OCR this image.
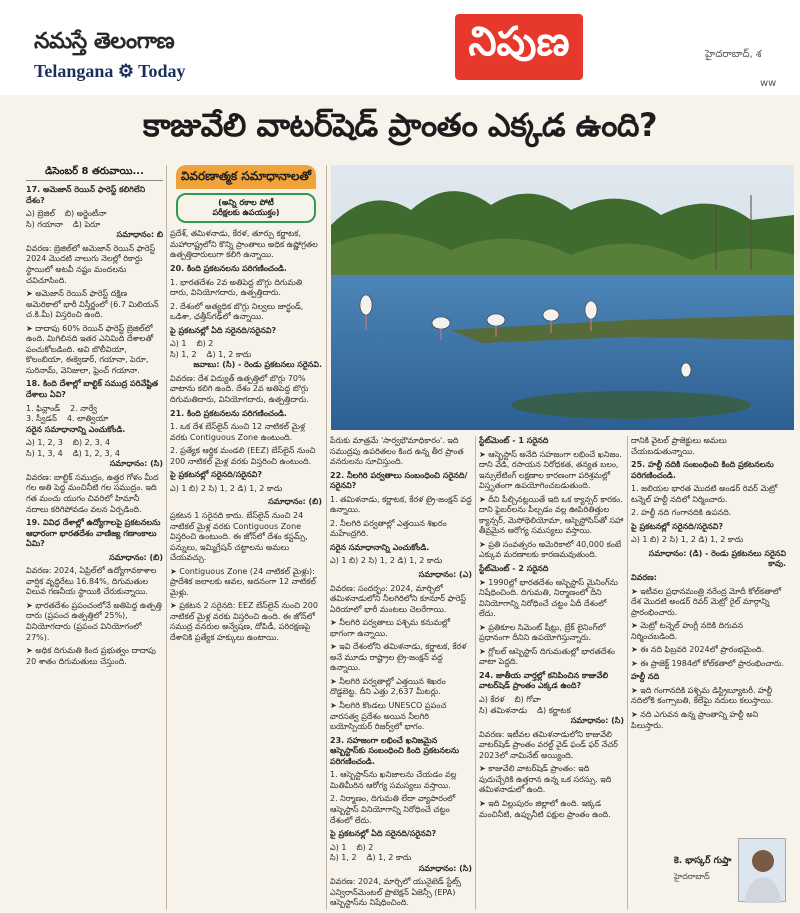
నమస్తే తెలంగాణ
Telangana ⚙ Today
నిపుణ	హైదరాబాద్, శ
ww
కాజువేలి వాటర్‌షెడ్ ప్రాంతం ఎక్కడ ఉంది?
డిసెంబర్ 8 తరువాయి...

17. అమెజాన్ రెయిన్ ఫారెస్ట్ కలిగిలేని దేశం?

ఎ) బ్రెజిల్ బి) అర్జెంటీనా
సి) గయానా డి) పెరూ

సమాధానం: బి

వివరణ: బ్రెజిల్‌లో అమెజాన్ రెయిన్ ఫారెస్ట్ 2024 మొదటి నాలుగు నెలల్లో రికార్డు స్థాయిలో అటవీ నష్టం మందలను చవిచూసింది.

➤ అమెజాన్ రెయిన్ ఫారెస్ట్ దక్షిణ అమెరికాలో భారీ విస్తీర్ణంలో (6.7 మిలియన్ చ.కి.మీ) విస్తరించి ఉంది.

➤ దాదాపు 60% రెయిన్ ఫారెస్ట్ బ్రెజిల్‌లో ఉంది. మిగిలినది ఇతర ఎనిమిది దేశాలతో పంచుకోబడింది. అవి బొలీవియా, కొలంబియా, ఈక్వెడార్, గయానా, పెరూ, సురినామ్, వెనిజులా, ఫ్రెంచ్ గయానా.

18. కింది దేశాల్లో బాల్టిక్ సముద్ర పరివేష్టిత దేశాలు ఏవి?

1. ఫిన్లాండ్ 2. నార్వే
3. స్వీడన్ 4. లాత్వియా

సరైన సమాధానాన్ని ఎంచుకోండి.

ఎ) 1, 2, 3 బి) 2, 3, 4
సి) 1, 3, 4 డి) 1, 2, 3, 4

సమాధానం: (సి)

వివరణ: బాల్టిక్ సముద్రం, ఉత్తర గోళం మీద గల అతి పెద్ద మంచినీటి గల సముద్రం. ఇది గత మంచు యుగం చివరిలో హిమానీ నదాలు కరిగిపోవడం వలన ఏర్పడింది.

19. వివిధ దేశాల్లో ఉద్యోగాలపై ప్రకటనలను ఆధారంగా భారతదేశం వాణిజ్య గణాంకాలు ఏమి?

సమాధానం: (బి)

వివరణ: 2024, ఏప్రిల్‌లో ఉద్యోగావకాశాల వార్షిక వృద్ధిరేటు 16.84%, దిగుమతుల విలువ గణనీయ స్థాయికి చేరుకున్నాయి.

➤ భారతదేశం ప్రపంచంలోనే అతిపెద్ద ఉత్పత్తి దారు (ప్రపంచ ఉత్పత్తిలో 25%), వినియోగదారు (ప్రపంచ వినియోగంలో 27%).

➤ అధిక దిగుమతి కింద ప్రభుత్వం దాదాపు 20 శాతం దిగుమతులు చేస్తుంది.

వివరణాత్మక సమాధానాలతో
(అన్ని రకాల పోటీ
పరీక్షలకు ఉపయుక్తం)

ప్రదేశ్, తమిళనాడు, కేరళ, తూర్పు కర్ణాటక, మహారాష్ట్రలోని కొన్ని ప్రాంతాలు అధిక ఉష్ణోగ్రతల ఉత్పత్తిదారులుగా కలిగి ఉన్నాయి.

20. కింది ప్రకటనలను పరిగణించండి.

1. భారతదేశం 2వ అతిపెద్ద బొగ్గు దిగుమతి దారు, వినియోగదారు, ఉత్పత్తిదారు.

2. దేశంలో అత్యధిక బొగ్గు నిల్వలు జార్ఖండ్, ఒడిశా, ఛత్తీస్‌గఢ్‌లో ఉన్నాయి.

పై ప్రకటనల్లో ఏది సరైనది/సరైనవి?

ఎ) 1 బి) 2
సి) 1, 2 డి) 1, 2 కాదు

జవాబు: (సి) - రెండు ప్రకటనలు సరైనవి.

వివరణ: దేశ విద్యుత్ ఉత్పత్తిలో బొగ్గు 70% వాటాను కలిగి ఉంది. దేశం 2వ అతిపెద్ద బొగ్గు దిగుమతిదారు, వినియోగదారు, ఉత్పత్తిదారు.

21. కింది ప్రకటనలను పరిగణించండి.

1. ఒక దేశ బేస్‌లైన్ నుంచి 12 నాటికల్ మైళ్ల వరకు Contiguous Zone ఉంటుంది.

2. ప్రత్యేక ఆర్థిక మండలి (EEZ) బేస్‌లైన్ నుంచి 200 నాటికల్ మైళ్ల వరకు విస్తరించి ఉంటుంది.

పై ప్రకటనల్లో సరైనది/సరైనవి?

ఎ) 1 బి) 2 సి) 1, 2 డి) 1, 2 కాదు

సమాధానం: (బి)

ప్రకటన 1 సరైనది కాదు. బేస్‌లైన్ నుంచి 24 నాటికల్ మైళ్ల వరకు Contiguous Zone విస్తరించి ఉంటుంది. ఈ జోన్‌లో దేశం కస్టమ్స్, పన్నులు, ఇమ్మిగ్రేషన్ చట్టాలను అమలు చేయవచ్చు.

➤ Contiguous Zone (24 నాటికల్ మైళ్లు): ప్రాదేశిక జలాలకు ఆవల, అదనంగా 12 నాటికల్ మైళ్లు.

➤ ప్రకటన 2 సరైనది: EEZ బేస్‌లైన్ నుంచి 200 నాటికల్ మైళ్ల వరకు విస్తరించి ఉంది. ఈ జోన్‌లో సముద్ర వనరుల అన్వేషణ, దోపిడీ, పరిరక్షణపై దేశానికి ప్రత్యేక హక్కులు ఉంటాయి.

పేరుకు మాత్రమే 'సార్వభౌమాధికారం'. ఇది సముద్రపు ఉపరితలం కింద ఉన్న తీర ప్రాంత వనరులను సూచిస్తుంది.

22. నీలగిరి పర్వతాలు సంబంధించి సరైనది/సరైనవి?

1. తమిళనాడు, కర్ణాటక, కేరళ ట్రై-జంక్షన్ వద్ద ఉన్నాయి.

2. నీలగిరి పర్వతాల్లో ఎత్తయిన శిఖరం మహేంద్రగిరి.

సరైన సమాధానాన్ని ఎంచుకోండి.

ఎ) 1 బి) 2 సి) 1, 2 డి) 1, 2 కాదు

సమాధానం: (ఎ)

వివరణ: సందర్భం: 2024, మార్చిలో తమిళనాడులోని నీలగిరిలోని కూనూర్ ఫారెస్ట్ ఏరియాలో భారీ మంటలు చెలరేగాయి.

➤ నీలగిరి పర్వతాలు పశ్చిమ కనుమల్లో భాగంగా ఉన్నాయి.

➤ ఇవి దేశంలోని తమిళనాడు, కర్ణాటక, కేరళ అనే మూడు రాష్ట్రాల ట్రై-జంక్షన్ వద్ద ఉన్నాయి.

➤ నీలగిరి పర్వతాల్లో ఎత్తయిన శిఖరం దొడ్డబెట్ట. దీని ఎత్తు 2,637 మీటర్లు.

➤ నీలగిరి కొండలు UNESCO ప్రపంచ వారసత్వ ప్రదేశం అయిన నీలగిరి బయోస్పియర్ రిజర్వ్‌లో భాగం.

23. సహజంగా లభించే ఖనిజమైన ఆస్బెస్టాస్‌కు సంబంధించి కింది ప్రకటనలను పరిగణించండి.

1. ఆస్బెస్టాస్‌ను ఖనిజాలను చేయడం వల్ల మితిమీరిన ఆరోగ్య సమస్యలు వస్తాయి.

2. నిర్మాణం, దిగుమతి లేదా వ్యాపారంలో ఆస్బెస్టాస్ వినియోగాన్ని నిరోధించే చట్టం దేశంలో లేదు.

పై ప్రకటనల్లో ఏది సరైనది/సరైనవి?

ఎ) 1 బి) 2
సి) 1, 2 డి) 1, 2 కాదు

సమాధానం: (సి)

వివరణ: 2024, మార్చిలో యునైటెడ్ స్టేట్స్ ఎన్విరాన్‌మెంటల్ ప్రొటెక్షన్ ఏజెన్సీ (EPA) ఆస్బెస్టాస్‌ను నిషేధించింది.

స్టేట్‌మెంట్ - 1 సరైనది

➤ ఆస్బెస్టాస్ అనేది సహజంగా లభించే ఖనిజం. దాని వేడి, రసాయన నిరోధకత, తన్యత బలం, ఇన్సులేటింగ్ లక్షణాల కారణంగా పరిశ్రమల్లో విస్తృతంగా ఉపయోగించబడుతుంది.

➤ దీని పీల్చినట్లయితే ఇది ఒక క్యాన్సర్ కారకం. దాని ఫైబర్‌లను పీల్చడం వల్ల ఊపిరితిత్తుల క్యాన్సర్, మెసోథెలియోమా, ఆస్బెస్టోసిస్‌తో సహా తీవ్రమైన ఆరోగ్య సమస్యలు వస్తాయి.

➤ ప్రతి సంవత్సరం అమెరికాలో 40,000 కంటే ఎక్కువ మరణాలకు కారణమవుతుంది.

స్టేట్‌మెంట్ - 2 సరైనది

➤ 1990ల్లో భారతదేశం ఆస్బెస్టాస్ మైనింగ్‌ను నిషేధించింది. దిగుమతి, నిర్మాణంలో దీని వినియోగాన్ని నిరోధించే చట్టం ఏదీ దేశంలో లేదు.

➤ ప్రతికూల సిమెంట్ షీట్లు, బ్రేక్ లైనింగ్‌లో ప్రధానంగా దీనిని ఉపయోగిస్తున్నారు.

➤ గ్లోబల్ ఆస్బెస్టాస్ దిగుమతుల్లో భారతదేశం వాటా పెద్దది.

24. జాతీయ వార్తల్లో కనిపించిన కాజువేలి వాటర్‌షెడ్ ప్రాంతం ఎక్కడ ఉంది?

ఎ) కేరళ బి) గోవా
సి) తమిళనాడు డి) కర్ణాటక

సమాధానం: (సి)

వివరణ: ఇటీవల తమిళనాడులోని కాజువేలి వాటర్‌షెడ్ ప్రాంతం వరల్డ్ వైడ్ ఫండ్ ఫర్ నేచర్ 2023లో నామినేట్ అయ్యింది.

➤ కాజువేలి వాటర్‌షెడ్ ప్రాంతం: ఇది పుదుచ్చేరికి ఉత్తరాన ఉన్న ఒక సరస్సు. ఇది తమిళనాడులో ఉంది.

➤ ఇది విల్లుపురం జిల్లాలో ఉంది. ఇక్కడ మంచినీటి, ఉప్పునీటి పక్షుల ప్రాంతం ఉంది.

దానికి వైటల్ ప్రాజెక్టులు అమలు చేయబడుతున్నాయి.

25. హల్దీ నదికి సంబంధించి కింది ప్రకటనలను పరిగణించండి.

1. జలియల భారత మొదటి అండర్ రివర్ మెట్రో టన్నెల్ హల్దీ నదిలో నిర్మించారు.

2. హల్దీ నది గంగానదికి ఉపనది.

పై ప్రకటనల్లో సరైనది/సరైనవి?

ఎ) 1 బి) 2 సి) 1, 2 డి) 1, 2 కాదు

సమాధానం: (డి) - రెండు ప్రకటనలు సరైనవి కావు.

వివరణ:

➤ ఇటీవల ప్రధానమంత్రి నరేంద్ర మోదీ కోల్‌కతాలో దేశ మొదటి అండర్ రివర్ మెట్రో రైల్ మార్గాన్ని ప్రారంభించారు.

➤ మెట్రో టన్నెల్ హుగ్లీ నదికి దిగువన నిర్మించబడింది.

➤ ఈ నది ఫిబ్రవరి 2024లో ప్రారంభమైంది.

➤ ఈ ప్రాజెక్ట్ 1984లో కోల్‌కతాలో ప్రారంభించారు.

హల్దీ నది

➤ ఇది గంగానదికి పశ్చిమ డిస్ట్రిబ్యూటరీ. హల్దీ నదిలోకి కంగ్సాబతి, కేలేఘై నదులు కలుస్తాయి.

➤ నది ఎగువన ఉన్న ప్రాంతాన్ని హల్దీ అని పిలుస్తారు.

కె. భాస్కర్ గుప్తా
హైదరాబాద్
